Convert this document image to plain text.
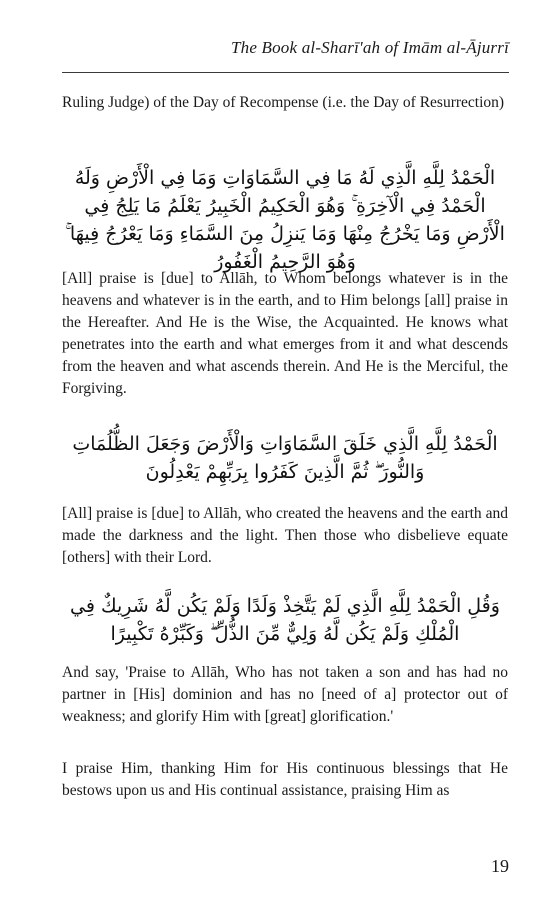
The Book al-Sharī'ah of Imām al-Ājurrī
Ruling Judge) of the Day of Recompense (i.e. the Day of Resurrection)
الْحَمْدُ لِلَّهِ الَّذِي لَهُ مَا فِي السَّمَاوَاتِ وَمَا فِي الْأَرْضِ وَلَهُ الْحَمْدُ فِي الْآخِرَةِ ۚ وَهُوَ الْحَكِيمُ الْخَبِيرُ يَعْلَمُ مَا يَلِجُ فِي الْأَرْضِ وَمَا يَخْرُجُ مِنْهَا وَمَا يَنزِلُ مِنَ السَّمَاءِ وَمَا يَعْرُجُ فِيهَا ۚ وَهُوَ الرَّحِيمُ الْغَفُورُ
[All] praise is [due] to Allāh, to Whom belongs whatever is in the heavens and whatever is in the earth, and to Him belongs [all] praise in the Hereafter. And He is the Wise, the Acquainted. He knows what penetrates into the earth and what emerges from it and what descends from the heaven and what ascends therein. And He is the Merciful, the Forgiving.
الْحَمْدُ لِلَّهِ الَّذِي خَلَقَ السَّمَاوَاتِ وَالْأَرْضَ وَجَعَلَ الظُّلُمَاتِ وَالنُّورَ ۖ ثُمَّ الَّذِينَ كَفَرُوا بِرَبِّهِمْ يَعْدِلُونَ
[All] praise is [due] to Allāh, who created the heavens and the earth and made the darkness and the light. Then those who disbelieve equate [others] with their Lord.
وَقُلِ الْحَمْدُ لِلَّهِ الَّذِي لَمْ يَتَّخِذْ وَلَدًا وَلَمْ يَكُن لَّهُ شَرِيكٌ فِي الْمُلْكِ وَلَمْ يَكُن لَّهُ وَلِيٌّ مِّنَ الذُّلِّ ۖ وَكَبِّرْهُ تَكْبِيرًا
And say, 'Praise to Allāh, Who has not taken a son and has had no partner in [His] dominion and has no [need of a] protector out of weakness; and glorify Him with [great] glorification.'
I praise Him, thanking Him for His continuous blessings that He bestows upon us and His continual assistance, praising Him as
19
